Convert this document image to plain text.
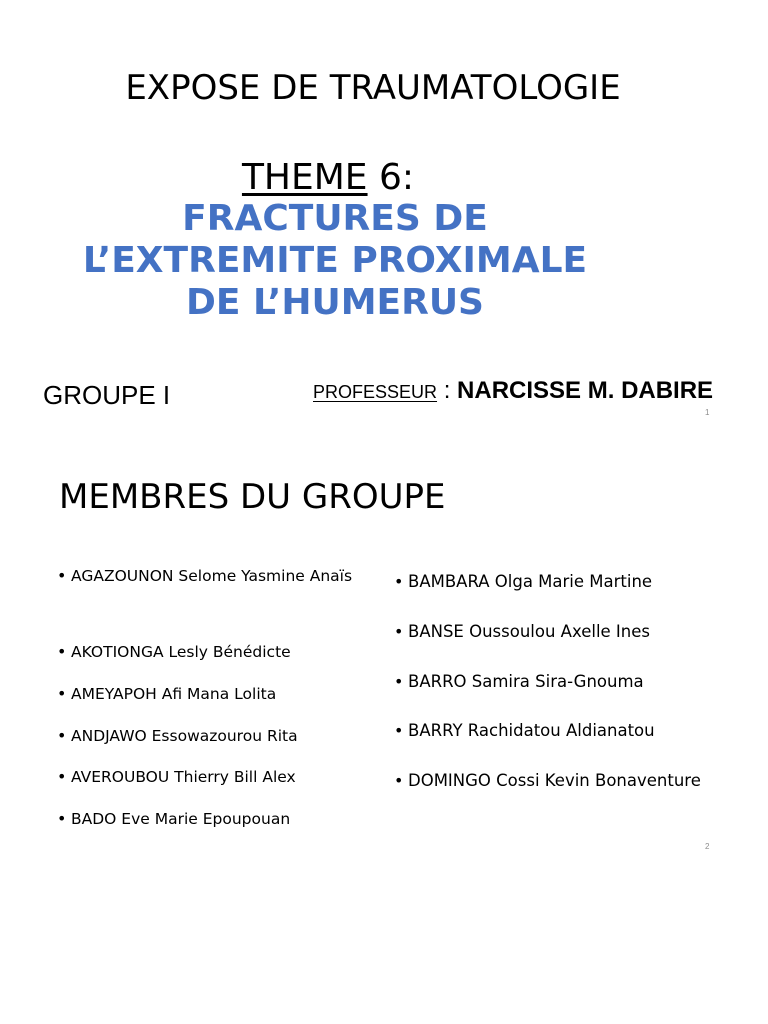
EXPOSE DE TRAUMATOLOGIE
THEME 6:
FRACTURES DE
L’EXTREMITE PROXIMALE
DE L’HUMERUS
GROUPE I	PROFESSEUR : NARCISSE M. DABIRE
1
MEMBRES DU GROUPE
• AGAZOUNON Selome Yasmine Anaïs
• AKOTIONGA Lesly Bénédicte
• AMEYAPOH Afi Mana Lolita
• ANDJAWO Essowazourou Rita
• AVEROUBOU Thierry Bill Alex
• BADO Eve Marie Epoupouan
• BAMBARA Olga Marie Martine
• BANSE Oussoulou Axelle Ines
• BARRO Samira Sira-Gnouma
• BARRY Rachidatou Aldianatou
• DOMINGO Cossi Kevin Bonaventure
2
